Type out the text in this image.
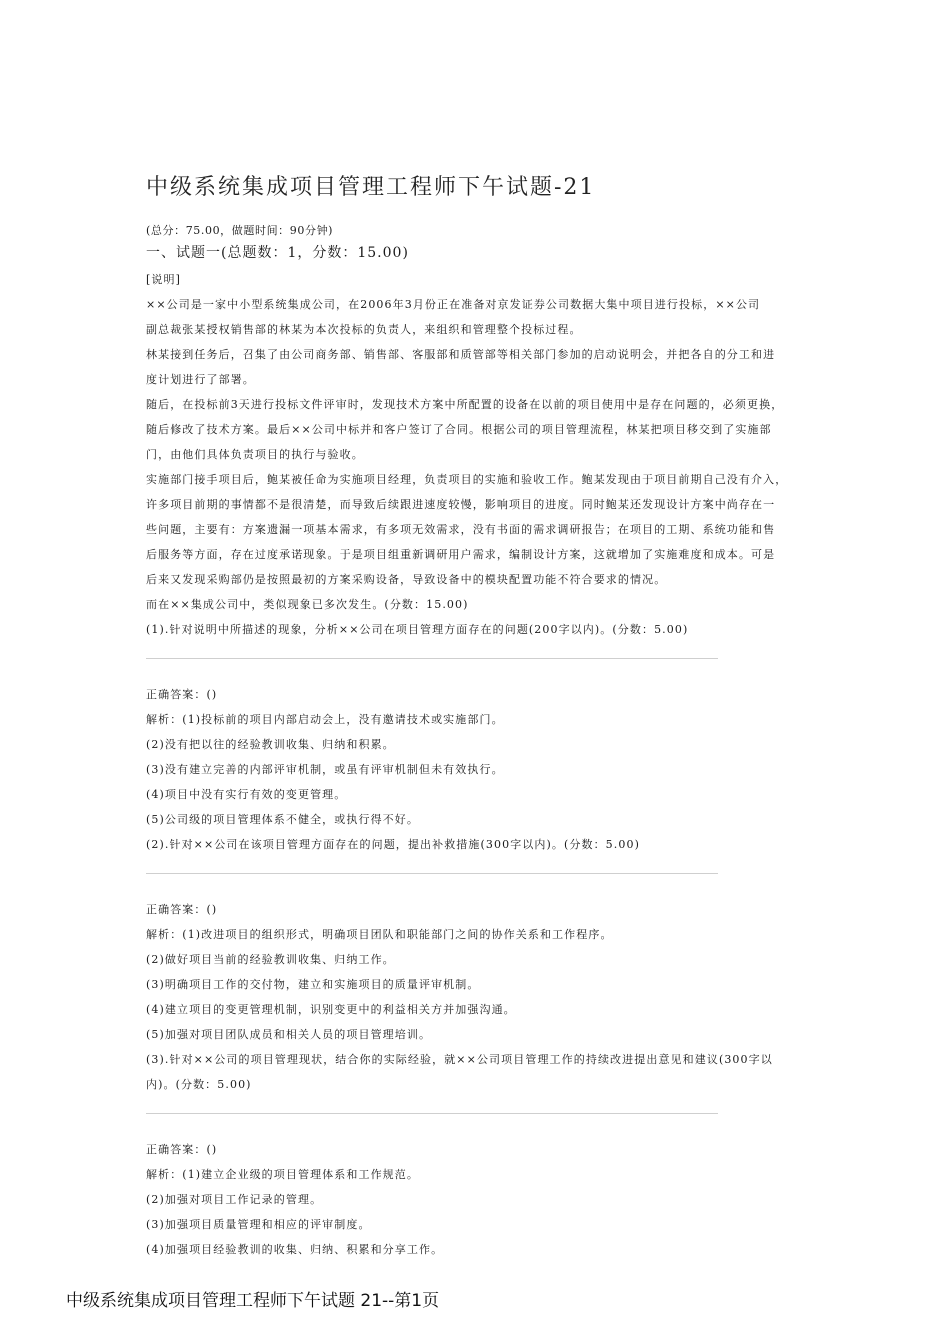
中级系统集成项目管理工程师下午试题-21
(总分：75.00，做题时间：90分钟)
一、试题一(总题数：1，分数：15.00)
[说明]
××公司是一家中小型系统集成公司，在2006年3月份正在准备对京发证券公司数据大集中项目进行投标，××公司
副总裁张某授权销售部的林某为本次投标的负责人，来组织和管理整个投标过程。
林某接到任务后，召集了由公司商务部、销售部、客服部和质管部等相关部门参加的启动说明会，并把各自的分工和进
度计划进行了部署。
随后，在投标前3天进行投标文件评审时，发现技术方案中所配置的设备在以前的项目使用中是存在问题的，必须更换，
随后修改了技术方案。最后××公司中标并和客户签订了合同。根据公司的项目管理流程，林某把项目移交到了实施部
门，由他们具体负责项目的执行与验收。
实施部门接手项目后，鲍某被任命为实施项目经理，负责项目的实施和验收工作。鲍某发现由于项目前期自己没有介入，
许多项目前期的事情都不是很清楚，而导致后续跟进速度较慢，影响项目的进度。同时鲍某还发现设计方案中尚存在一
些问题，主要有：方案遗漏一项基本需求，有多项无效需求，没有书面的需求调研报告；在项目的工期、系统功能和售
后服务等方面，存在过度承诺现象。于是项目组重新调研用户需求，编制设计方案，这就增加了实施难度和成本。可是
后来又发现采购部仍是按照最初的方案采购设备，导致设备中的模块配置功能不符合要求的情况。
而在××集成公司中，类似现象已多次发生。(分数：15.00)
(1).针对说明中所描述的现象，分析××公司在项目管理方面存在的问题(200字以内)。(分数：5.00)
正确答案：()
解析：(1)投标前的项目内部启动会上，没有邀请技术或实施部门。
(2)没有把以往的经验教训收集、归纳和积累。
(3)没有建立完善的内部评审机制，或虽有评审机制但未有效执行。
(4)项目中没有实行有效的变更管理。
(5)公司级的项目管理体系不健全，或执行得不好。
(2).针对××公司在该项目管理方面存在的问题，提出补救措施(300字以内)。(分数：5.00)
正确答案：()
解析：(1)改进项目的组织形式，明确项目团队和职能部门之间的协作关系和工作程序。
(2)做好项目当前的经验教训收集、归纳工作。
(3)明确项目工作的交付物，建立和实施项目的质量评审机制。
(4)建立项目的变更管理机制，识别变更中的利益相关方并加强沟通。
(5)加强对项目团队成员和相关人员的项目管理培训。
(3).针对××公司的项目管理现状，结合你的实际经验，就××公司项目管理工作的持续改进提出意见和建议(300字以
内)。(分数：5.00)
正确答案：()
解析：(1)建立企业级的项目管理体系和工作规范。
(2)加强对项目工作记录的管理。
(3)加强项目质量管理和相应的评审制度。
(4)加强项目经验教训的收集、归纳、积累和分享工作。
中级系统集成项目管理工程师下午试题 21--第1页
